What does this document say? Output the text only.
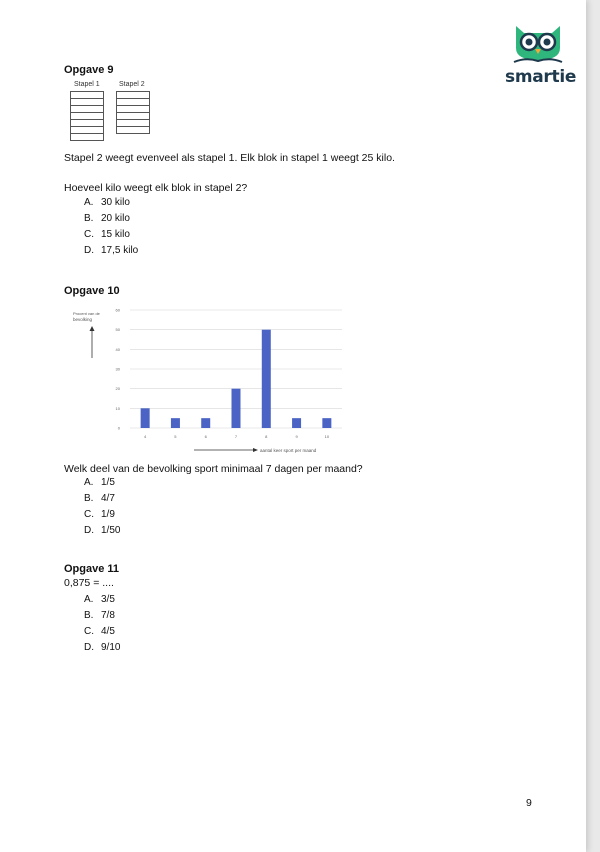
smartie
Opgave 9
Stapel 1	Stapel 2
Stapel 2 weegt evenveel als stapel 1. Elk blok in stapel 1 weegt 25 kilo.
Hoeveel kilo weegt elk blok in stapel 2?
A. 30 kilo
B. 20 kilo
C. 15 kilo
D. 17,5 kilo
Opgave 10
Procent van de
bevolking
0
10
20
30
40
50
60
4	5	6	7	8	9	10
aantal keer sport per maand
Welk deel van de bevolking sport minimaal 7 dagen per maand?
A. 1/5
B. 4/7
C. 1/9
D. 1/50
Opgave 11
0,875 = ....
A. 3/5
B. 7/8
C. 4/5
D. 9/10
9
